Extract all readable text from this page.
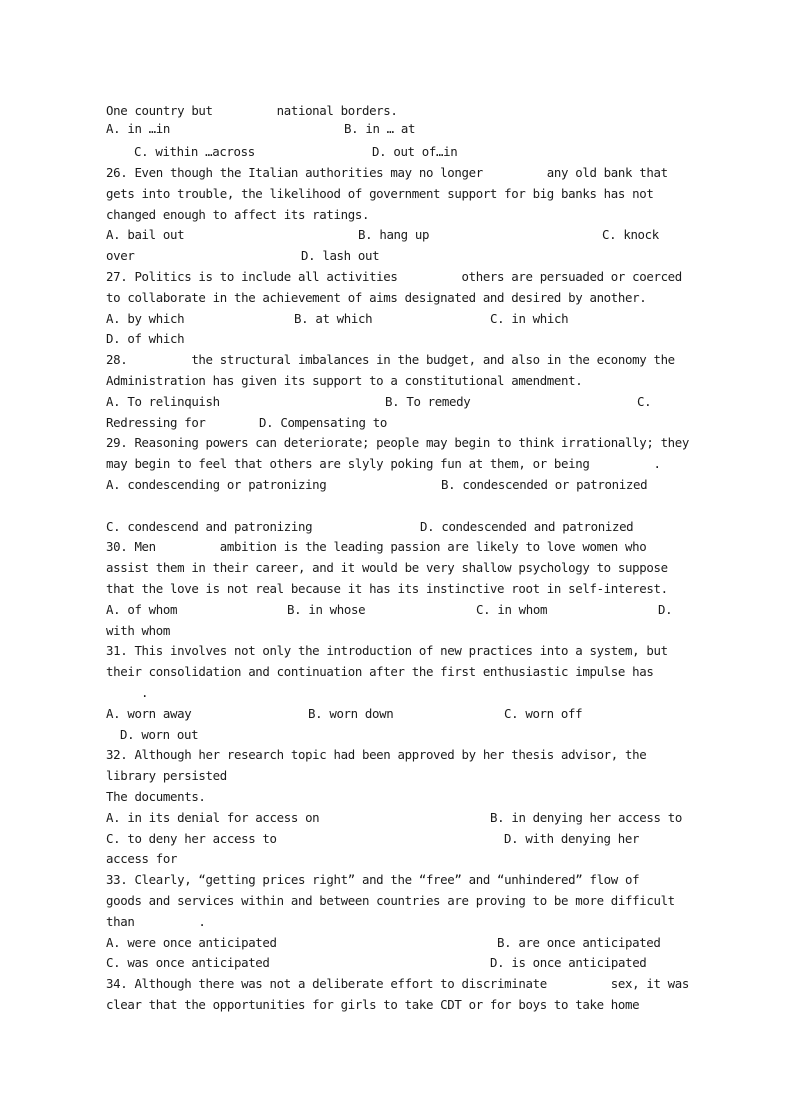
One country but         national borders.

A. in …in	B. in … at

C. within …across	D. out of…in

26. Even though the Italian authorities may no longer         any old bank that

gets into trouble, the likelihood of government support for big banks has not

changed enough to affect its ratings.

A. bail out	B. hang up	C. knock

over	D. lash out

27. Politics is to include all activities         others are persuaded or coerced

to collaborate in the achievement of aims designated and desired by another.

A. by which	B. at which	C. in which

D. of which

28.         the structural imbalances in the budget, and also in the economy the

Administration has given its support to a constitutional amendment.

A. To relinquish	B. To remedy	C.

Redressing for	D. Compensating to

29. Reasoning powers can deteriorate; people may begin to think irrationally; they

may begin to feel that others are slyly poking fun at them, or being         .

A. condescending or patronizing	B. condescended or patronized

C. condescend and patronizing	D. condescended and patronized

30. Men         ambition is the leading passion are likely to love women who

assist them in their career, and it would be very shallow psychology to suppose

that the love is not real because it has its instinctive root in self-interest.

A. of whom	B. in whose	C. in whom	D.

with whom

31. This involves not only the introduction of new practices into a system, but

their consolidation and continuation after the first enthusiastic impulse has

.

A. worn away	B. worn down	C. worn off

D. worn out

32. Although her research topic had been approved by her thesis advisor, the

library persisted

The documents.

A. in its denial for access on	B. in denying her access to

C. to deny her access to	D. with denying her

access for

33. Clearly, “getting prices right” and the “free” and “unhindered” flow of

goods and services within and between countries are proving to be more difficult

than         .

A. were once anticipated	B. are once anticipated

C. was once anticipated	D. is once anticipated

34. Although there was not a deliberate effort to discriminate         sex, it was

clear that the opportunities for girls to take CDT or for boys to take home
